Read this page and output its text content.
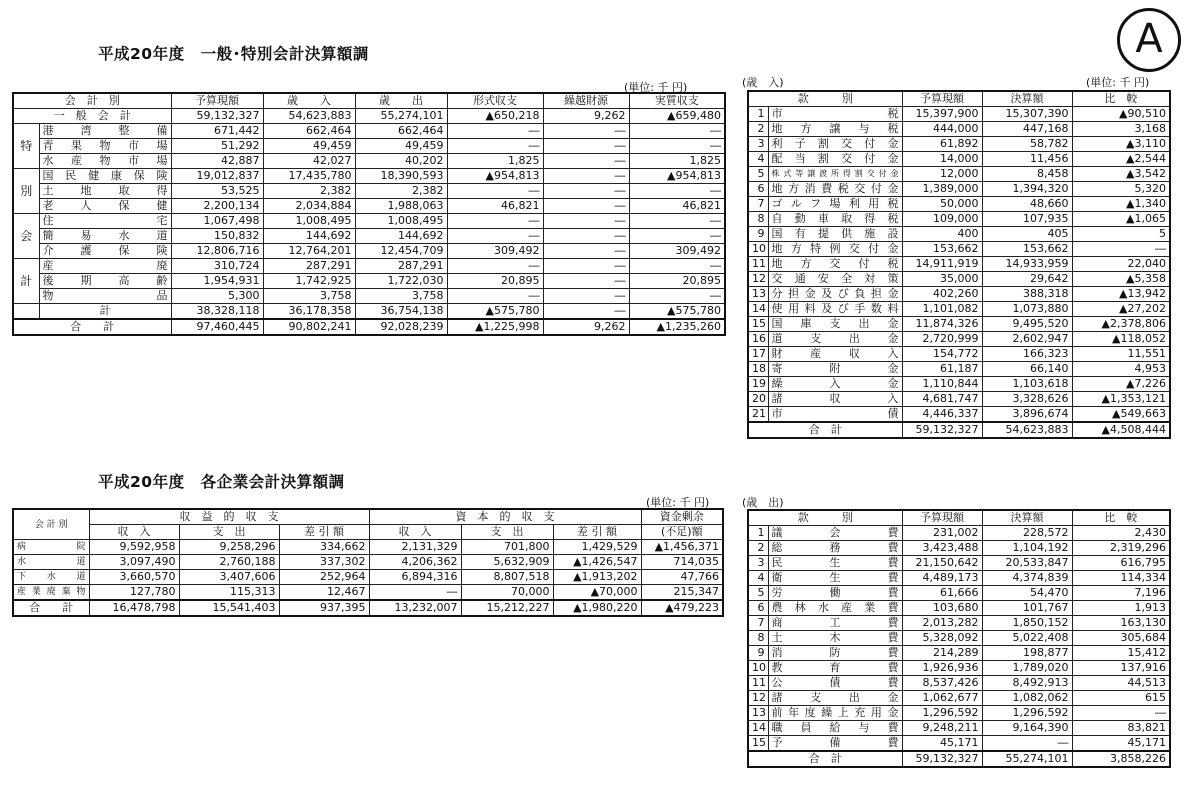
A
平成20年度　一般･特別会計決算額調
(単位: 千 円)
会　計　別		予算現額	歳　　入	歳　　出	形式収支	繰越財源	実質収支
一　般　会　計		59,132,327	54,623,883	55,274,101	▲650,218	9,262	▲659,480
特	港　湾　整　備	671,442	662,464	662,464	―	―	―
	青　果　物　市　場	51,292	49,459	49,459	―	―	―
	水　産　物　市　場	42,887	42,027	40,202	1,825	―	1,825
別	国民健康保険	19,012,837	17,435,780	18,390,593	▲954,813	―	▲954,813
	土　地　取　得	53,525	2,382	2,382	―	―	―
	老　人　保　健	2,200,134	2,034,884	1,988,063	46,821	―	46,821
会	住　　　　　宅	1,067,498	1,008,495	1,008,495	―	―	―
	簡　易　水　道	150,832	144,692	144,692	―	―	―
	介　護　保　険	12,806,716	12,764,201	12,454,709	309,492	―	309,492
計	産　　　　　廃	310,724	287,291	287,291	―	―	―
	後　期　高　齢	1,954,931	1,742,925	1,722,030	20,895	―	20,895
	物　　　　　品	5,300	3,758	3,758	―	―	―
	計	38,328,118	36,178,358	36,754,138	▲575,780	―	▲575,780
合　　計		97,460,445	90,802,241	92,028,239	▲1,225,998	9,262	▲1,235,260
平成20年度　各企業会計決算額調
(単位: 千 円)
会 計 別	収　益　的　収　支			資　本　的　収　支			資金剰余
	収　入	支　出	差 引 額	収　入	支　出	差 引 額	(不足)額
病　　　院	9,592,958	9,258,296	334,662	2,131,329	701,800	1,429,529	▲1,456,371
水　　　道	3,097,490	2,760,188	337,302	4,206,362	5,632,909	▲1,426,547	714,035
下　水　道	3,660,570	3,407,606	252,964	6,894,316	8,807,518	▲1,913,202	47,766
産業廃棄物	127,780	115,313	12,467	―	70,000	▲70,000	215,347
合　　計	16,478,798	15,541,403	937,395	13,232,007	15,212,227	▲1,980,220	▲479,223
(歳　入)	(単位: 千 円)
款　　　別		予算現額	決算額	比　較
1	市　　　　　税	15,397,900	15,307,390	▲90,510
2	地 方 譲 与 税	444,000	447,168	3,168
3	利 子 割 交 付 金	61,892	58,782	▲3,110
4	配 当 割 交 付 金	14,000	11,456	▲2,544
5	株式等譲渡所得割交付金	12,000	8,458	▲3,542
6	地方消費税交付金	1,389,000	1,394,320	5,320
7	ゴルフ場利用税	50,000	48,660	▲1,340
8	自 動 車 取 得 税	109,000	107,935	▲1,065
9	国有提供施設	400	405	5
10	地方特例交付金	153,662	153,662	―
11	地 方 交 付 税	14,911,919	14,933,959	22,040
12	交 通 安 全 対 策	35,000	29,642	▲5,358
13	分担金及び負担金	402,260	388,318	▲13,942
14	使用料及び手数料	1,101,082	1,073,880	▲27,202
15	国 庫 支 出 金	11,874,326	9,495,520	▲2,378,806
16	道　支　出　金	2,720,999	2,602,947	▲118,052
17	財　産　収　入	154,772	166,323	11,551
18	寄　　附　　金	61,187	66,140	4,953
19	繰　　入　　金	1,110,844	1,103,618	▲7,226
20	諸　　収　　入	4,681,747	3,328,626	▲1,353,121
21	市　　　　　債	4,446,337	3,896,674	▲549,663
合　計		59,132,327	54,623,883	▲4,508,444
(歳　出)
款　　　別		予算現額	決算額	比　較
1	議　　会　　費	231,002	228,572	2,430
2	総　　務　　費	3,423,488	1,104,192	2,319,296
3	民　　生　　費	21,150,642	20,533,847	616,795
4	衛　　生　　費	4,489,173	4,374,839	114,334
5	労　　働　　費	61,666	54,470	7,196
6	農 林 水 産 業 費	103,680	101,767	1,913
7	商　　工　　費	2,013,282	1,850,152	163,130
8	土　　木　　費	5,328,092	5,022,408	305,684
9	消　　防　　費	214,289	198,877	15,412
10	教　　育　　費	1,926,936	1,789,020	137,916
11	公　　債　　費	8,537,426	8,492,913	44,513
12	諸 支 出 金	1,062,677	1,082,062	615
13	前年度繰上充用金	1,296,592	1,296,592	―
14	職 員 給 与 費	9,248,211	9,164,390	83,821
15	予　　備　　費	45,171	―	45,171
合　計		59,132,327	55,274,101	3,858,226
